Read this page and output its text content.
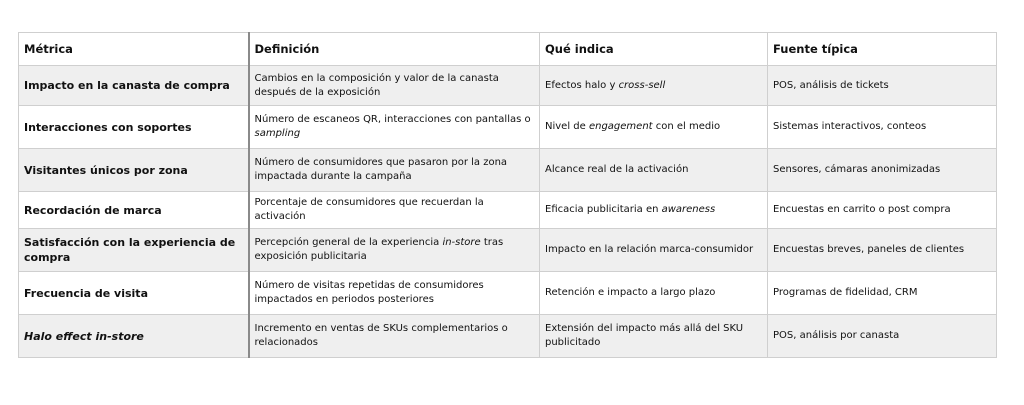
Métrica	Definición	Qué indica	Fuente típica
Impacto en la canasta de compra	Cambios en la composición y valor de la canasta después de la exposición	Efectos halo y cross-sell	POS, análisis de tickets
Interacciones con soportes	Número de escaneos QR, interacciones con pantallas o sampling	Nivel de engagement con el medio	Sistemas interactivos, conteos
Visitantes únicos por zona	Número de consumidores que pasaron por la zona impactada durante la campaña	Alcance real de la activación	Sensores, cámaras anonimizadas
Recordación de marca	Porcentaje de consumidores que recuerdan la activación	Eficacia publicitaria en awareness	Encuestas en carrito o post compra
Satisfacción con la experiencia de compra	Percepción general de la experiencia in-store tras exposición publicitaria	Impacto en la relación marca-consumidor	Encuestas breves, paneles de clientes
Frecuencia de visita	Número de visitas repetidas de consumidores impactados en periodos posteriores	Retención e impacto a largo plazo	Programas de fidelidad, CRM
Halo effect in-store	Incremento en ventas de SKUs complementarios o relacionados	Extensión del impacto más allá del SKU publicitado	POS, análisis por canasta
